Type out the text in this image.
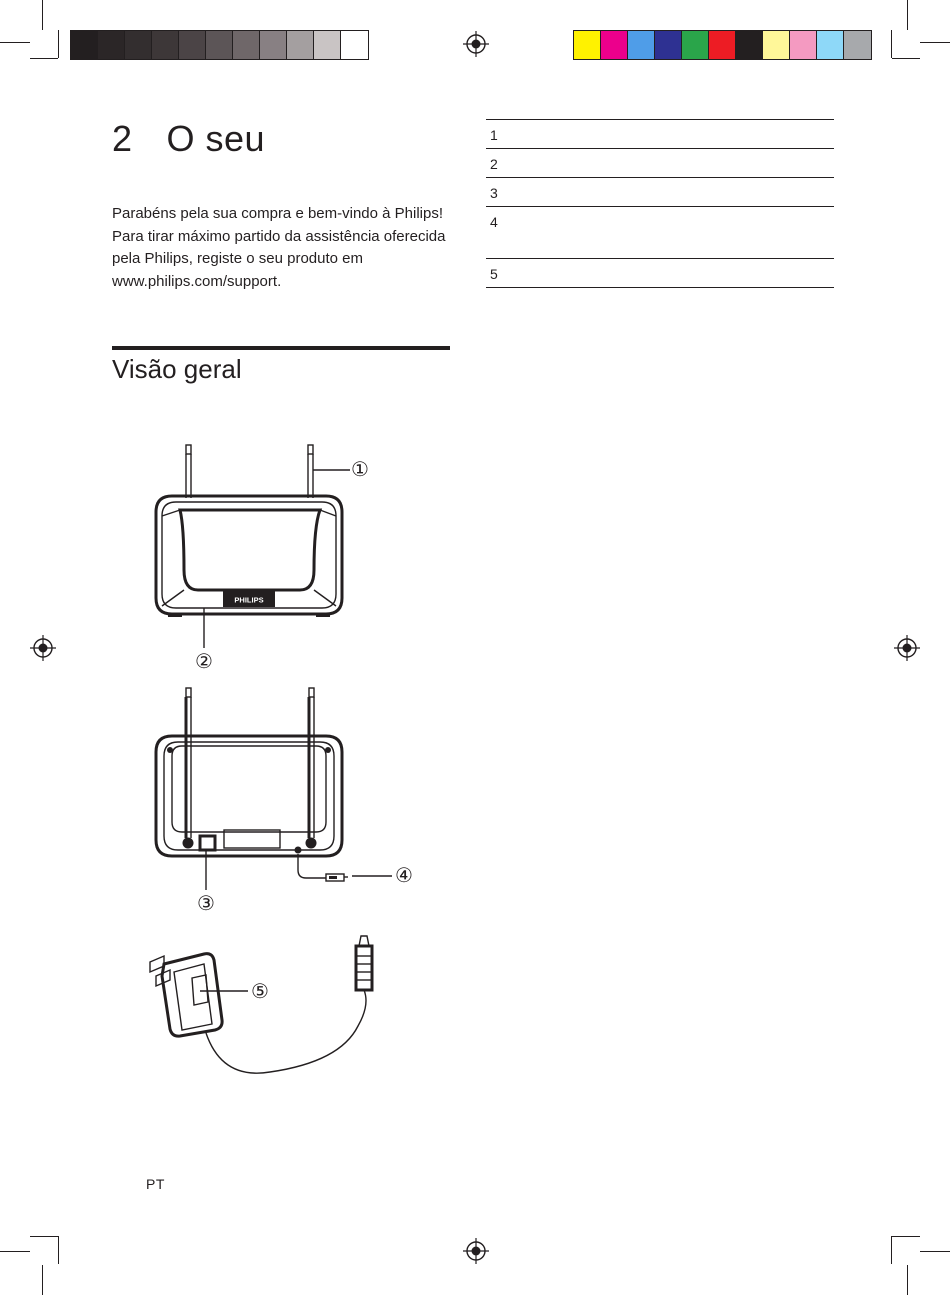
2 O seu

Parabéns pela sua compra e bem-vindo à Philips!

Para tirar máximo partido da assistência oferecida pela Philips, registe o seu produto em www.philips.com/support.

Visão geral
1
2
3
4
5
PHILIPS
①
②
④
③
⑤
PT
